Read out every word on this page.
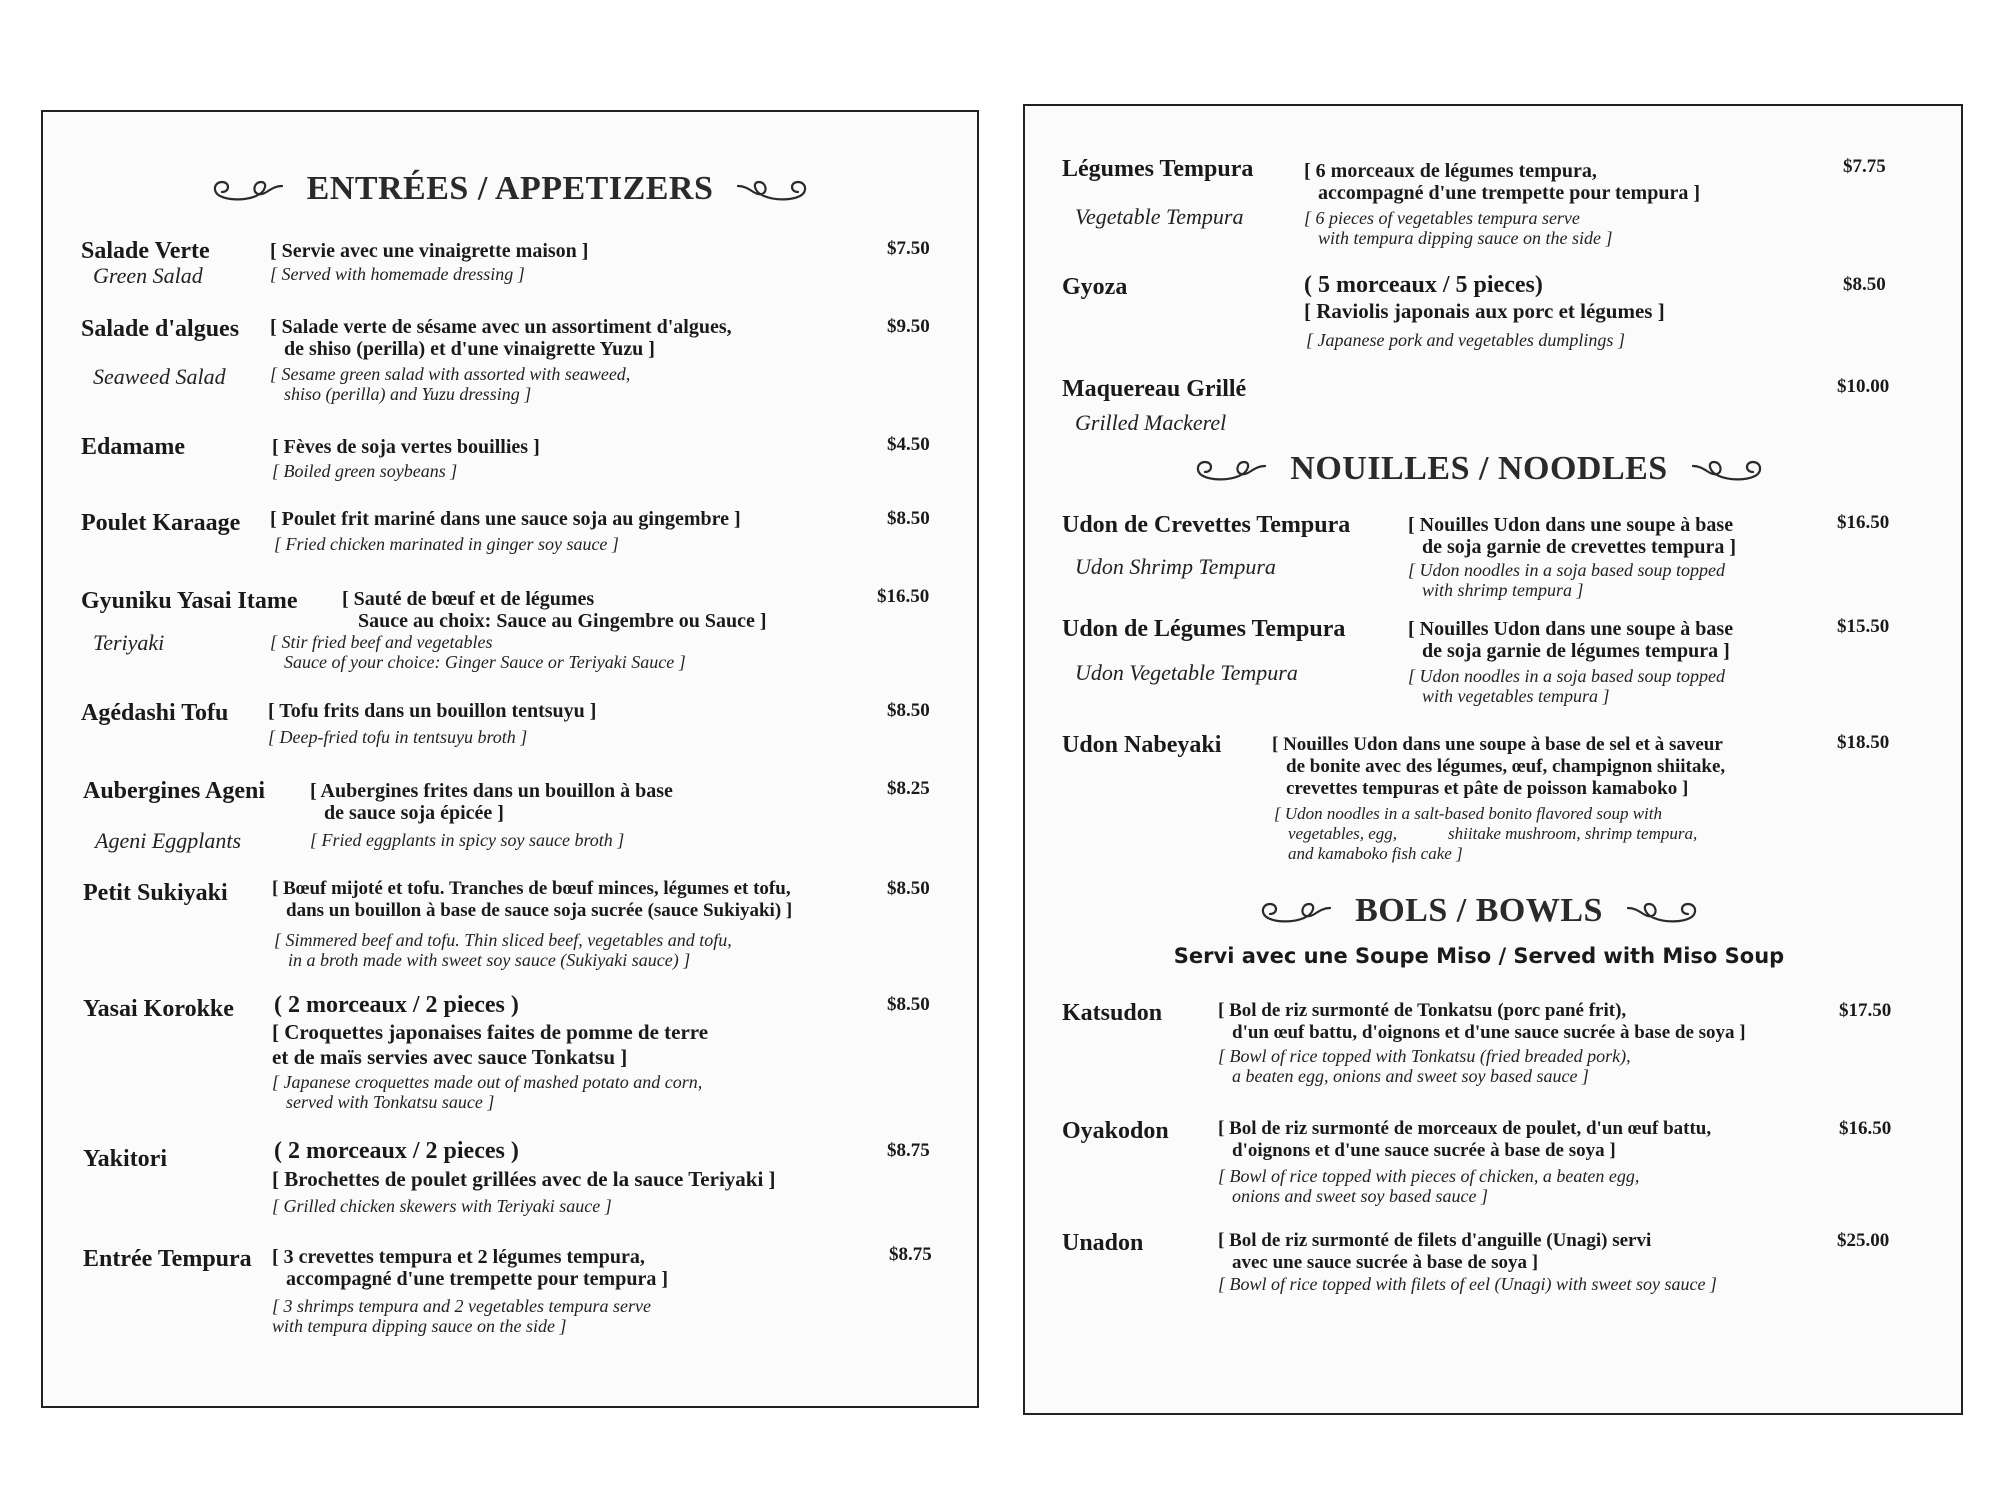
ENTRÉES / APPETIZERS
Salade Verte
Green Salad
[ Servie avec une vinaigrette maison ]
[ Served with homemade dressing ]
$7.50
Salade d'algues
Seaweed Salad
[ Salade verte de sésame avec un assortiment d'algues,
de shiso (perilla) et d'une vinaigrette Yuzu ]
[ Sesame green salad with assorted with seaweed,
shiso (perilla) and Yuzu dressing ]
$9.50
Edamame	[ Fèves de soja vertes bouillies ]
[ Boiled green soybeans ]
$4.50
Poulet Karaage [ Poulet frit mariné dans une sauce soja au gingembre ]
[ Fried chicken marinated in ginger soy sauce ]
$8.50
Gyuniku Yasai Itame
Teriyaki
[ Sauté de bœuf et de légumes
Sauce au choix: Sauce au Gingembre ou Sauce ]
[ Stir fried beef and vegetables
Sauce of your choice: Ginger Sauce or Teriyaki Sauce ]
$16.50
Agédashi Tofu [ Tofu frits dans un bouillon tentsuyu ]
[ Deep-fried tofu in tentsuyu broth ]
$8.50
Aubergines Ageni
Ageni Eggplants
[ Aubergines frites dans un bouillon à base
de sauce soja épicée ]
[ Fried eggplants in spicy soy sauce broth ]
$8.25
Petit Sukiyaki [ Bœuf mijoté et tofu. Tranches de bœuf minces, légumes et tofu,
dans un bouillon à base de sauce soja sucrée (sauce Sukiyaki) ]
[ Simmered beef and tofu. Thin sliced beef, vegetables and tofu,
in a broth made with sweet soy sauce (Sukiyaki sauce) ]
$8.50
Yasai Korokke ( 2 morceaux / 2 pieces )
[ Croquettes japonaises faites de pomme de terre
et de maïs servies avec sauce Tonkatsu ]
[ Japanese croquettes made out of mashed potato and corn,
served with Tonkatsu sauce ]
$8.50
Yakitori	( 2 morceaux / 2 pieces )
[ Brochettes de poulet grillées avec de la sauce Teriyaki ]
[ Grilled chicken skewers with Teriyaki sauce ]
$8.75
Entrée Tempura [ 3 crevettes tempura et 2 légumes tempura,
accompagné d'une trempette pour tempura ]
[ 3 shrimps tempura and 2 vegetables tempura serve
with tempura dipping sauce on the side ]
$8.75
Légumes Tempura
Vegetable Tempura
[ 6 morceaux de légumes tempura,
accompagné d'une trempette pour tempura ]
[ 6 pieces of vegetables tempura serve
with tempura dipping sauce on the side ]
$7.75
Gyoza	( 5 morceaux / 5 pieces)
[ Raviolis japonais aux porc et légumes ]
[ Japanese pork and vegetables dumplings ]
$8.50
Maquereau Grillé
Grilled Mackerel
$10.00
NOUILLES / NOODLES
Udon de Crevettes Tempura
Udon Shrimp Tempura
[ Nouilles Udon dans une soupe à base
de soja garnie de crevettes tempura ]
[ Udon noodles in a soja based soup topped
with shrimp tempura ]
$16.50
Udon de Légumes Tempura
Udon Vegetable Tempura
[ Nouilles Udon dans une soupe à base
de soja garnie de légumes tempura ]
[ Udon noodles in a soja based soup topped
with vegetables tempura ]
$15.50
Udon Nabeyaki	[ Nouilles Udon dans une soupe à base de sel et à saveur
de bonite avec des légumes, œuf, champignon shiitake,
crevettes tempuras et pâte de poisson kamaboko ]
[ Udon noodles in a salt-based bonito flavored soup with
vegetables, egg,            shiitake mushroom, shrimp tempura,
and kamaboko fish cake ]
$18.50
BOLS / BOWLS
Servi avec une Soupe Miso / Served with Miso Soup
Katsudon	[ Bol de riz surmonté de Tonkatsu (porc pané frit),
d'un œuf battu, d'oignons et d'une sauce sucrée à base de soya ]
[ Bowl of rice topped with Tonkatsu (fried breaded pork),
a beaten egg, onions and sweet soy based sauce ]
$17.50
Oyakodon	[ Bol de riz surmonté de morceaux de poulet, d'un œuf battu,
d'oignons et d'une sauce sucrée à base de soya ]
[ Bowl of rice topped with pieces of chicken, a beaten egg,
onions and sweet soy based sauce ]
$16.50
Unadon	[ Bol de riz surmonté de filets d'anguille (Unagi) servi
avec une sauce sucrée à base de soya ]
[ Bowl of rice topped with filets of eel (Unagi) with sweet soy sauce ]
$25.00
